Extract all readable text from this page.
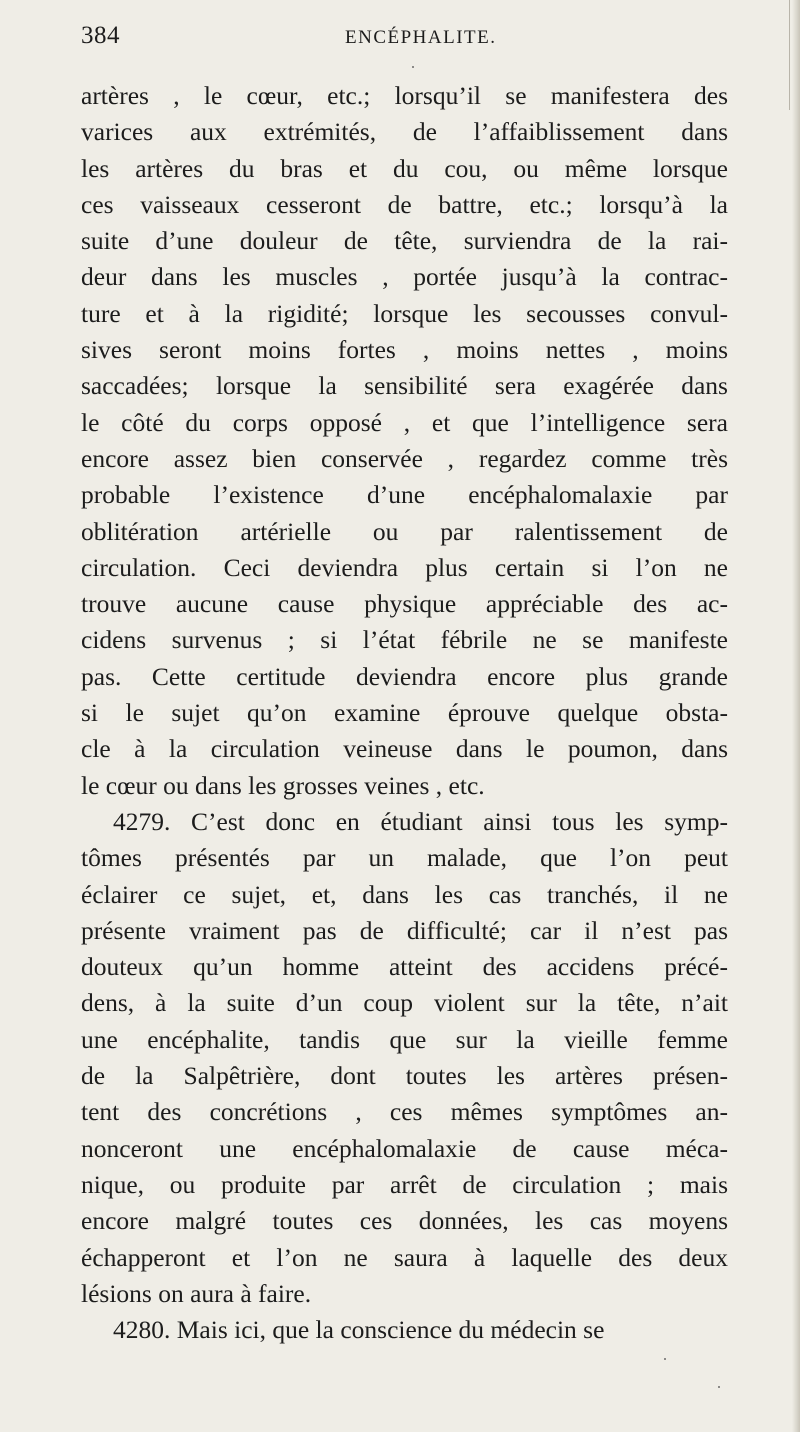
384	ENCÉPHALITE.
artères , le cœur, etc.; lorsqu’il se manifestera des
varices aux extrémités, de l’affaiblissement dans
les artères du bras et du cou, ou même lorsque
ces vaisseaux cesseront de battre, etc.; lorsqu’à la
suite d’une douleur de tête, surviendra de la rai-
deur dans les muscles , portée jusqu’à la contrac-
ture et à la rigidité; lorsque les secousses convul-
sives seront moins fortes , moins nettes , moins
saccadées; lorsque la sensibilité sera exagérée dans
le côté du corps opposé , et que l’intelligence sera
encore assez bien conservée , regardez comme très
probable l’existence d’une encéphalomalaxie par
oblitération artérielle ou par ralentissement de
circulation. Ceci deviendra plus certain si l’on ne
trouve aucune cause physique appréciable des ac-
cidens survenus ; si l’état fébrile ne se manifeste
pas. Cette certitude deviendra encore plus grande
si le sujet qu’on examine éprouve quelque obsta-
cle à la circulation veineuse dans le poumon, dans
le cœur ou dans les grosses veines , etc.
4279. C’est donc en étudiant ainsi tous les symp-
tômes présentés par un malade, que l’on peut
éclairer ce sujet, et, dans les cas tranchés, il ne
présente vraiment pas de difficulté; car il n’est pas
douteux qu’un homme atteint des accidens précé-
dens, à la suite d’un coup violent sur la tête, n’ait
une encéphalite, tandis que sur la vieille femme
de la Salpêtrière, dont toutes les artères présen-
tent des concrétions , ces mêmes symptômes an-
nonceront une encéphalomalaxie de cause méca-
nique, ou produite par arrêt de circulation ; mais
encore malgré toutes ces données, les cas moyens
échapperont et l’on ne saura à laquelle des deux
lésions on aura à faire.
4280. Mais ici, que la conscience du médecin se
